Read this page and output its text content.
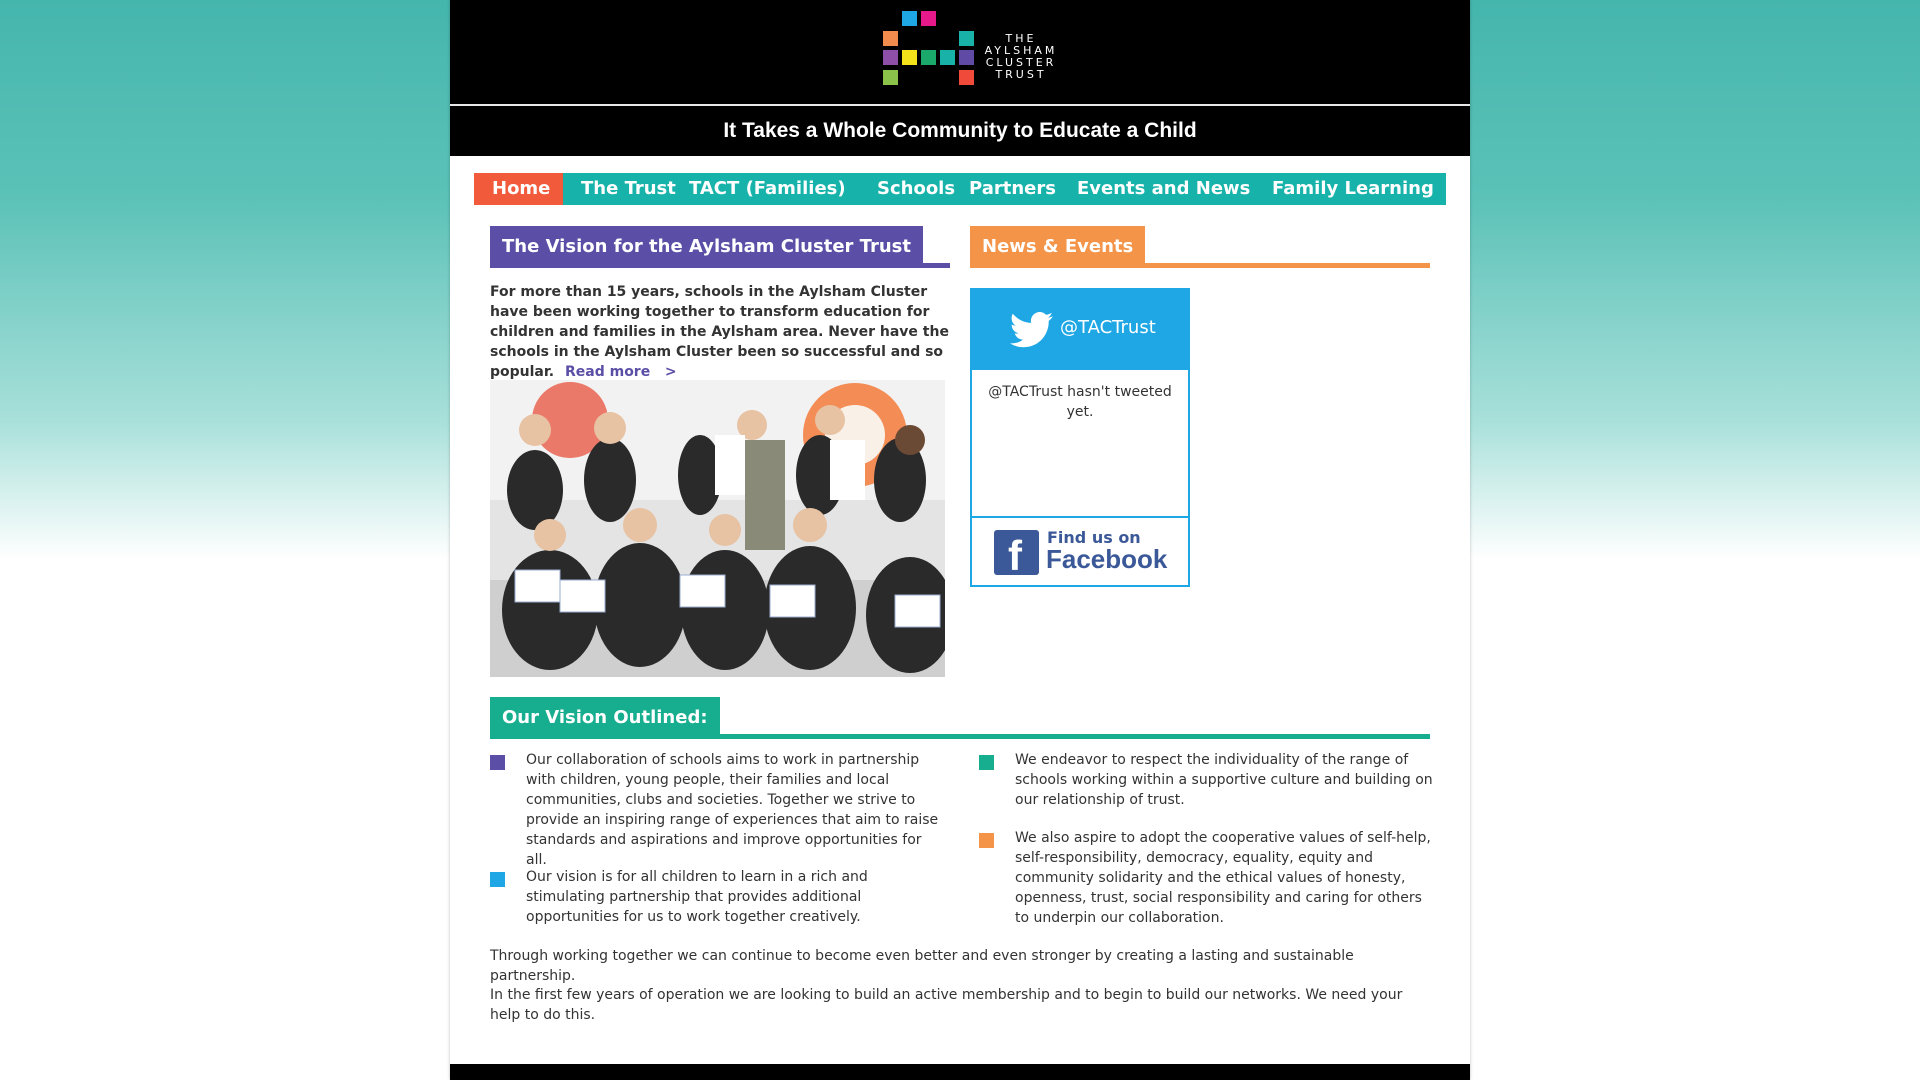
THE
AYLSHAM
CLUSTER
TRUST
It Takes a Whole Community to Educate a Child
Home	The Trust TACT (Families)	Schools Partners	Events and News	Family Learning
The Vision for the Aylsham Cluster Trust
For more than 15 years, schools in the Aylsham Cluster have been working together to transform education for children and families in the Aylsham area. Never have the schools in the Aylsham Cluster been so successful and so popular. Read more   >
News & Events
@TACTrust
@TACTrust hasn't tweeted yet.
f Find us on
Facebook
Our Vision Outlined:
Our collaboration of schools aims to work in partnership with children, young people, their families and local communities, clubs and societies. Together we strive to provide an inspiring range of experiences that aim to raise standards and aspirations and improve opportunities for all.
Our vision is for all children to learn in a rich and stimulating partnership that provides additional opportunities for us to work together creatively.
We endeavor to respect the individuality of the range of schools working within a supportive culture and building on our relationship of trust.
We also aspire to adopt the cooperative values of self-help, self-responsibility, democracy, equality, equity and community solidarity and the ethical values of honesty, openness, trust, social responsibility and caring for others to underpin our collaboration.
Through working together we can continue to become even better and even stronger by creating a lasting and sustainable partnership.
In the first few years of operation we are looking to build an active membership and to begin to build our networks. We need your help to do this.
